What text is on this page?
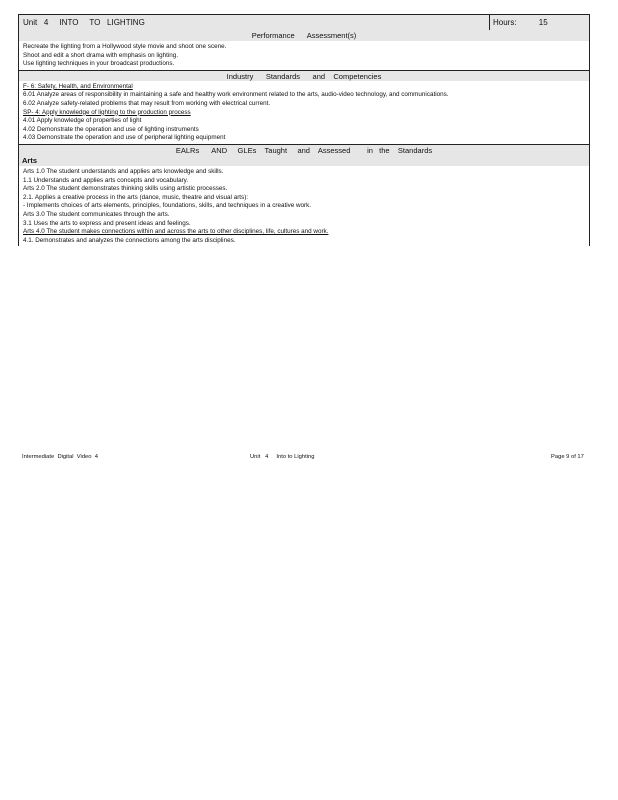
Unit   4     INTO     TO   LIGHTING	Hours:	15
Performance      Assessment(s)
Recreate the lighting from a Hollywood style movie and shoot one scene.
Shoot and edit a short drama with emphasis on lighting.
Use lighting techniques in your broadcast productions.
Industry      Standards      and    Competencies
F- 6: Safety, Health, and Environmental
6.01 Analyze areas of responsibility in maintaining a safe and healthy work environment related to the arts, audio-video technology, and communications.
6.02 Analyze safety-related problems that may result from working with electrical current.
SP- 4: Apply knowledge of lighting to the production process
4.01 Apply knowledge of properties of light
4.02 Demonstrate the operation and use of lighting instruments
4.03 Demonstrate the operation and use of peripheral lighting equipment
EALRs      AND     GLEs    Taught     and    Assessed        in   the    Standards
Arts
Arts 1.0 The student understands and applies arts knowledge and skills.
1.1 Understands and applies arts concepts and vocabulary.
Arts 2.0 The student demonstrates thinking skills using artistic processes.
2.1. Applies a creative process in the arts (dance, music, theatre and visual arts):
- Implements choices of arts elements, principles, foundations, skills, and techniques in a creative work.
Arts 3.0 The student communicates through the arts.
3.1 Uses the arts to express and present ideas and feelings.
Arts 4.0 The student makes connections within and across the arts to other disciplines, life, cultures and work.
4.1. Demonstrates and analyzes the connections among the arts disciplines.
Intermediate  Digital  Video  4	Unit   4     Into to Lighting	Page 9 of 17
